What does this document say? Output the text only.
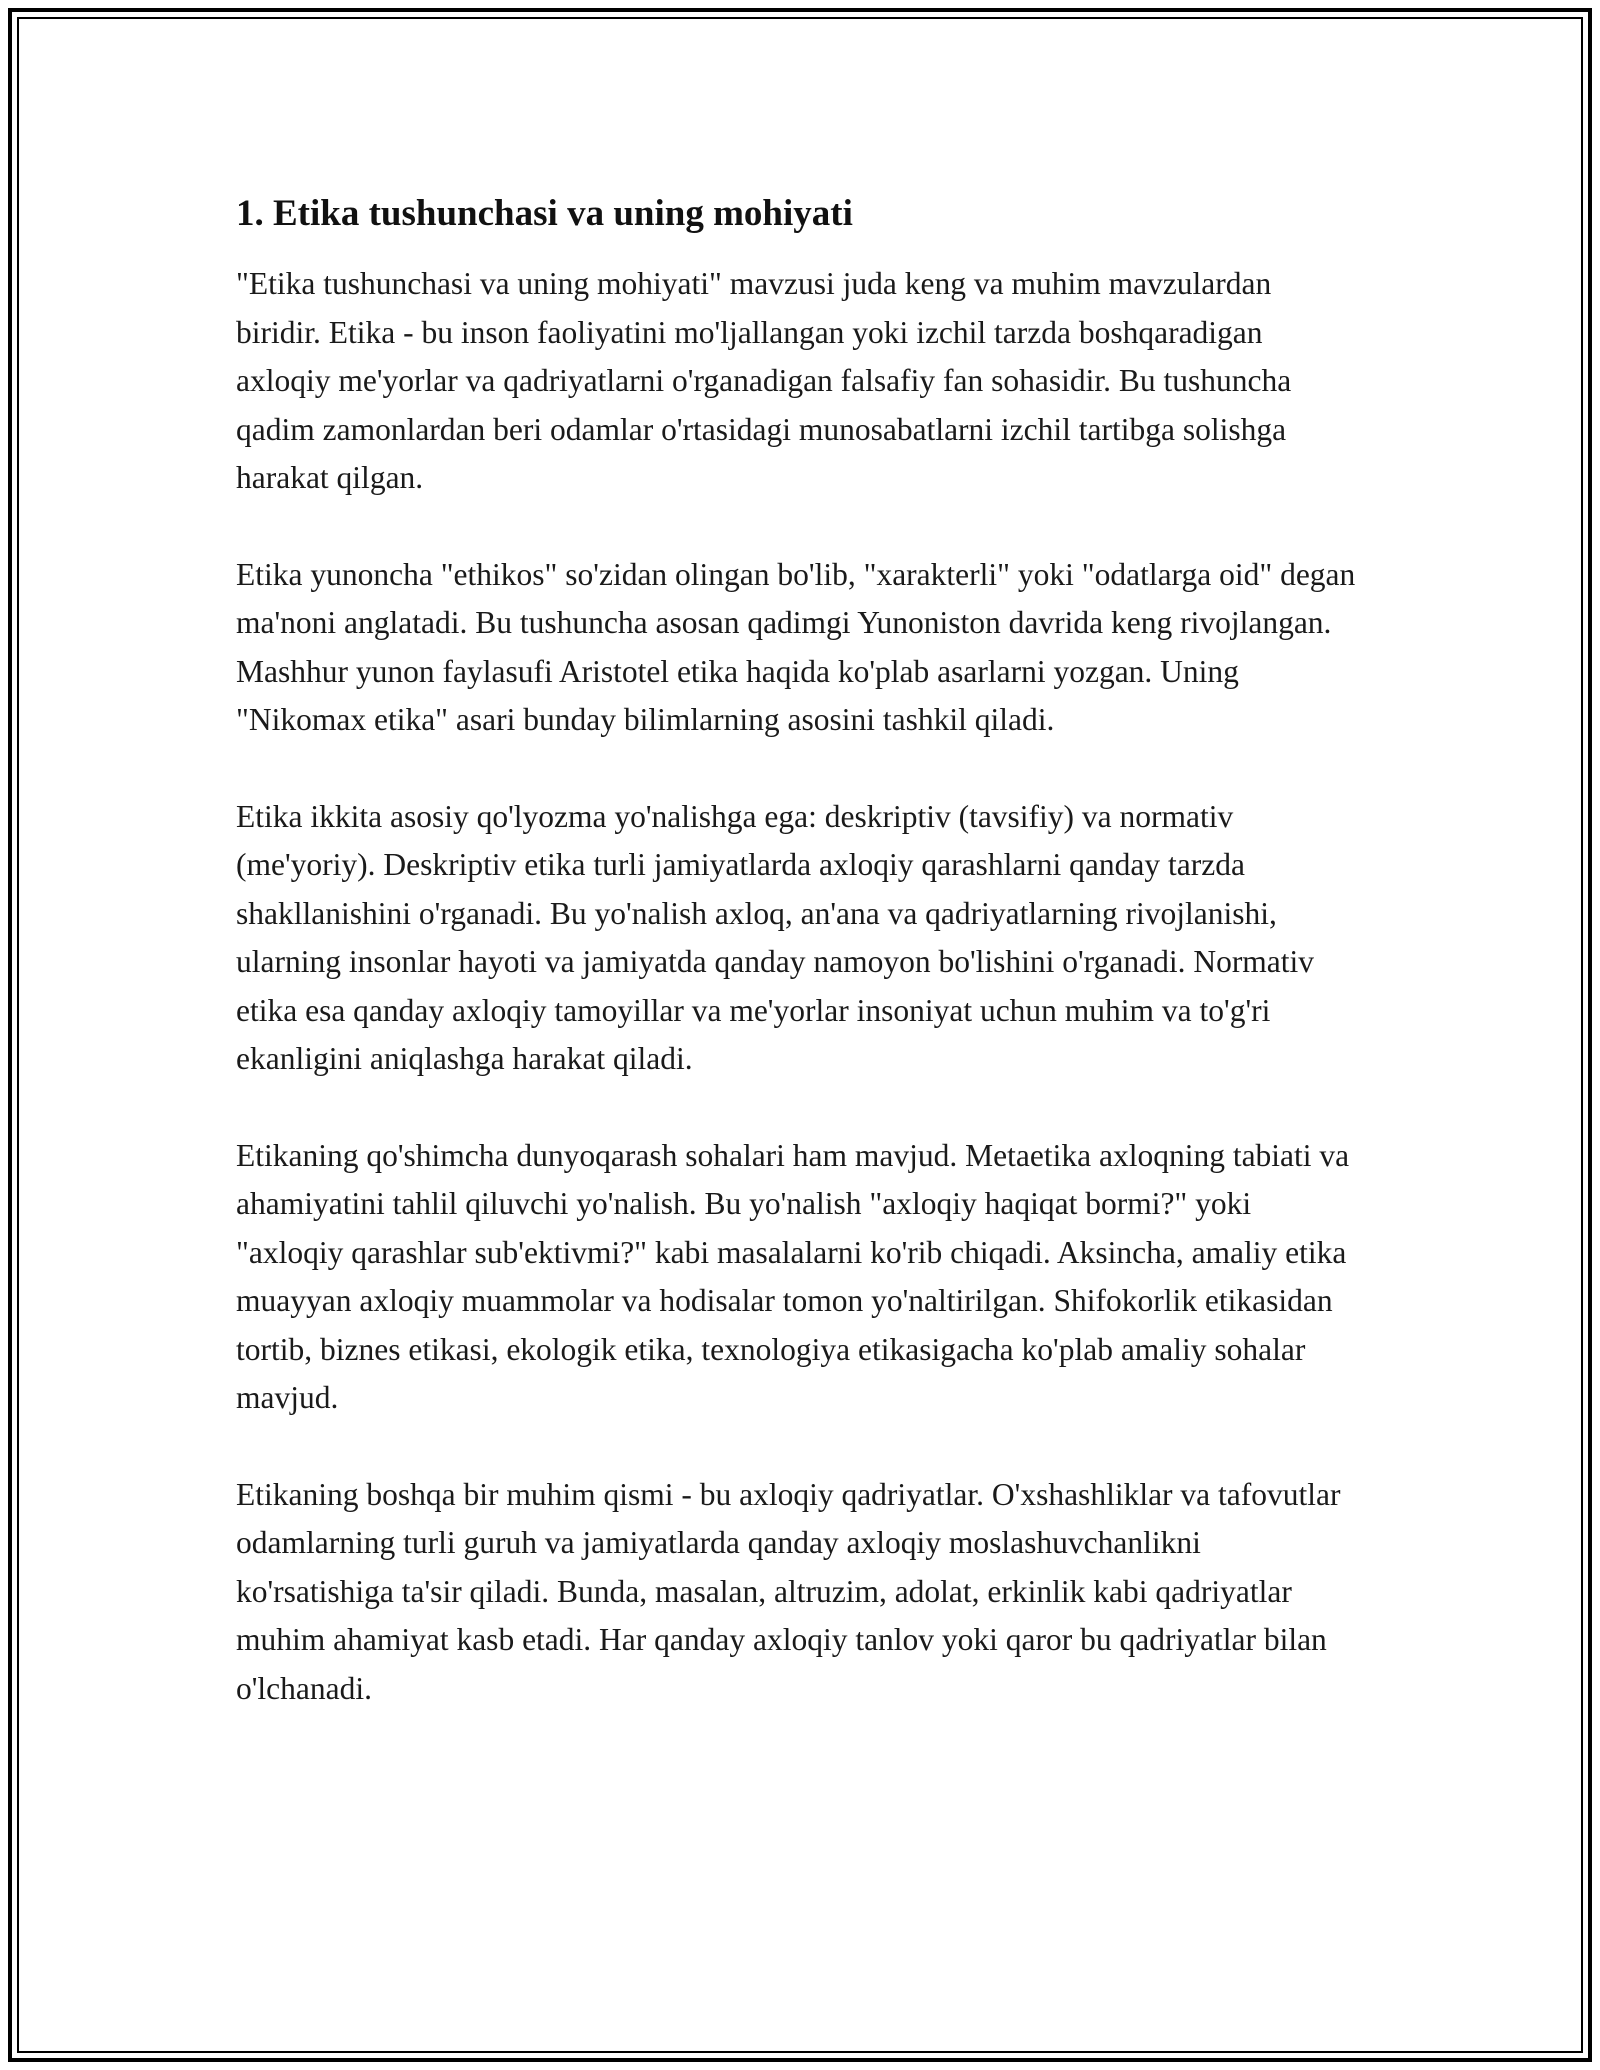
1. Etika tushunchasi va uning mohiyati

"Etika tushunchasi va uning mohiyati" mavzusi juda keng va muhim mavzulardan biridir. Etika - bu inson faoliyatini mo'ljallangan yoki izchil tarzda boshqaradigan axloqiy me'yorlar va qadriyatlarni o'rganadigan falsafiy fan sohasidir. Bu tushuncha qadim zamonlardan beri odamlar o'rtasidagi munosabatlarni izchil tartibga solishga harakat qilgan.

Etika yunoncha "ethikos" so'zidan olingan bo'lib, "xarakterli" yoki "odatlarga oid" degan ma'noni anglatadi. Bu tushuncha asosan qadimgi Yunoniston davrida keng rivojlangan. Mashhur yunon faylasufi Aristotel etika haqida ko'plab asarlarni yozgan. Uning "Nikomax etika" asari bunday bilimlarning asosini tashkil qiladi.

Etika ikkita asosiy qo'lyozma yo'nalishga ega: deskriptiv (tavsifiy) va normativ (me'yoriy). Deskriptiv etika turli jamiyatlarda axloqiy qarashlarni qanday tarzda shakllanishini o'rganadi. Bu yo'nalish axloq, an'ana va qadriyatlarning rivojlanishi, ularning insonlar hayoti va jamiyatda qanday namoyon bo'lishini o'rganadi. Normativ etika esa qanday axloqiy tamoyillar va me'yorlar insoniyat uchun muhim va to'g'ri ekanligini aniqlashga harakat qiladi.

Etikaning qo'shimcha dunyoqarash sohalari ham mavjud. Metaetika axloqning tabiati va ahamiyatini tahlil qiluvchi yo'nalish. Bu yo'nalish "axloqiy haqiqat bormi?" yoki "axloqiy qarashlar sub'ektivmi?" kabi masalalarni ko'rib chiqadi. Aksincha, amaliy etika muayyan axloqiy muammolar va hodisalar tomon yo'naltirilgan. Shifokorlik etikasidan tortib, biznes etikasi, ekologik etika, texnologiya etikasigacha ko'plab amaliy sohalar mavjud.

Etikaning boshqa bir muhim qismi - bu axloqiy qadriyatlar. O'xshashliklar va tafovutlar odamlarning turli guruh va jamiyatlarda qanday axloqiy moslashuvchanlikni ko'rsatishiga ta'sir qiladi. Bunda, masalan, altruzim, adolat, erkinlik kabi qadriyatlar muhim ahamiyat kasb etadi. Har qanday axloqiy tanlov yoki qaror bu qadriyatlar bilan o'lchanadi.
